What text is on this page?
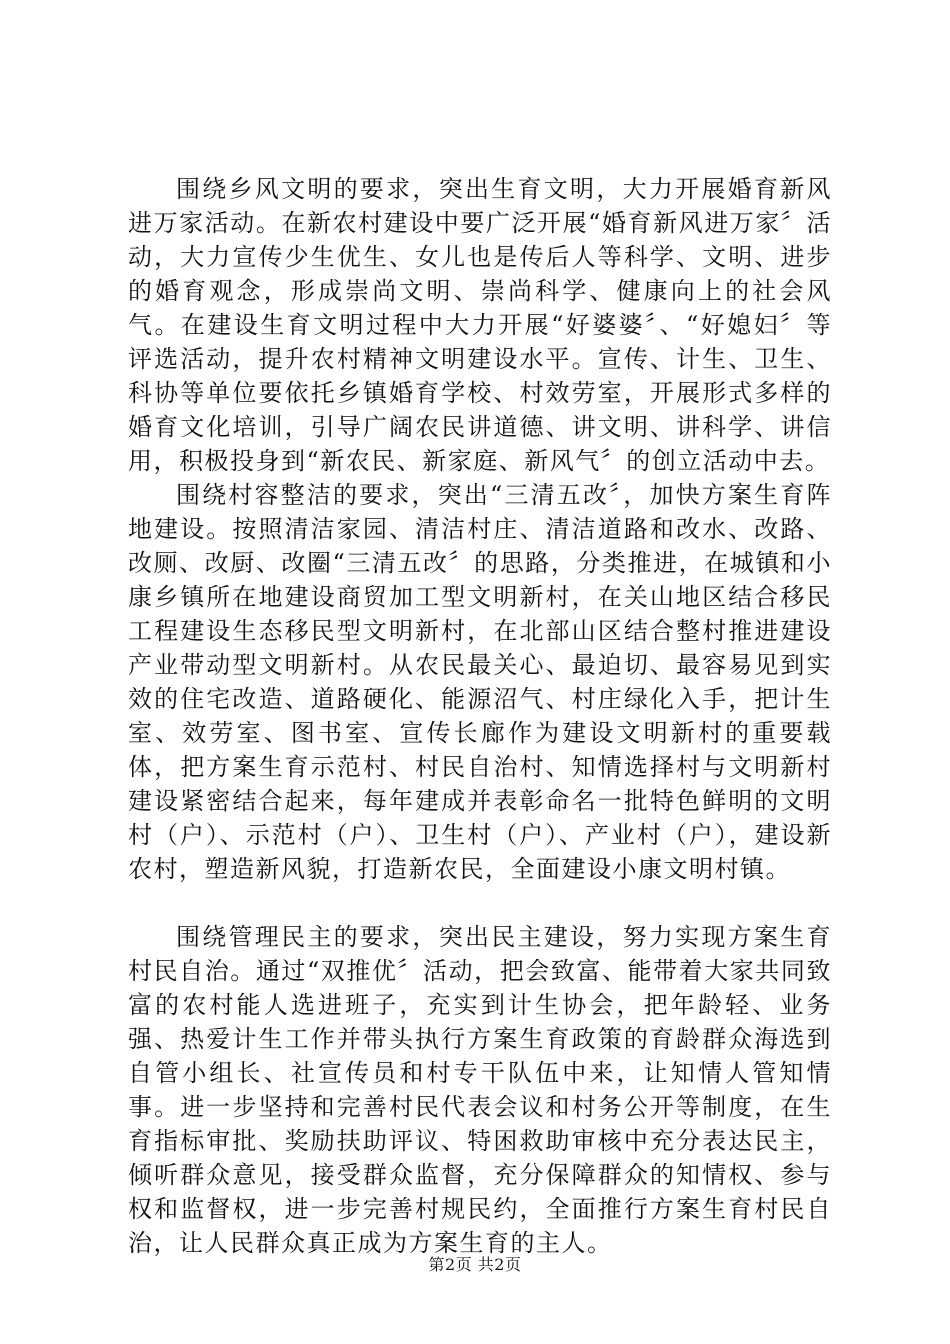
围绕乡风文明的要求，突出生育文明，大力开展婚育新风进万家活动。在新农村建设中要广泛开展“婚育新风进万家〞活动，大力宣传少生优生、女儿也是传后人等科学、文明、进步的婚育观念，形成崇尚文明、崇尚科学、健康向上的社会风气。在建设生育文明过程中大力开展“好婆婆〞、“好媳妇〞等评选活动，提升农村精神文明建设水平。宣传、计生、卫生、科协等单位要依托乡镇婚育学校、村效劳室，开展形式多样的婚育文化培训，引导广阔农民讲道德、讲文明、讲科学、讲信用，积极投身到“新农民、新家庭、新风气〞的创立活动中去。

围绕村容整洁的要求，突出“三清五改〞，加快方案生育阵地建设。按照清洁家园、清洁村庄、清洁道路和改水、改路、改厕、改厨、改圈“三清五改〞的思路，分类推进，在城镇和小康乡镇所在地建设商贸加工型文明新村，在关山地区结合移民工程建设生态移民型文明新村，在北部山区结合整村推进建设产业带动型文明新村。从农民最关心、最迫切、最容易见到实效的住宅改造、道路硬化、能源沼气、村庄绿化入手，把计生室、效劳室、图书室、宣传长廊作为建设文明新村的重要载体，把方案生育示范村、村民自治村、知情选择村与文明新村建设紧密结合起来，每年建成并表彰命名一批特色鲜明的文明村（户）、示范村（户）、卫生村（户）、产业村（户），建设新农村，塑造新风貌，打造新农民，全面建设小康文明村镇。

围绕管理民主的要求，突出民主建设，努力实现方案生育村民自治。通过“双推优〞活动，把会致富、能带着大家共同致富的农村能人选进班子，充实到计生协会，把年龄轻、业务强、热爱计生工作并带头执行方案生育政策的育龄群众海选到自管小组长、社宣传员和村专干队伍中来，让知情人管知情事。进一步坚持和完善村民代表会议和村务公开等制度，在生育指标审批、奖励扶助评议、特困救助审核中充分表达民主，倾听群众意见，接受群众监督，充分保障群众的知情权、参与权和监督权，进一步完善村规民约，全面推行方案生育村民自治，让人民群众真正成为方案生育的主人。

第2页 共2页
